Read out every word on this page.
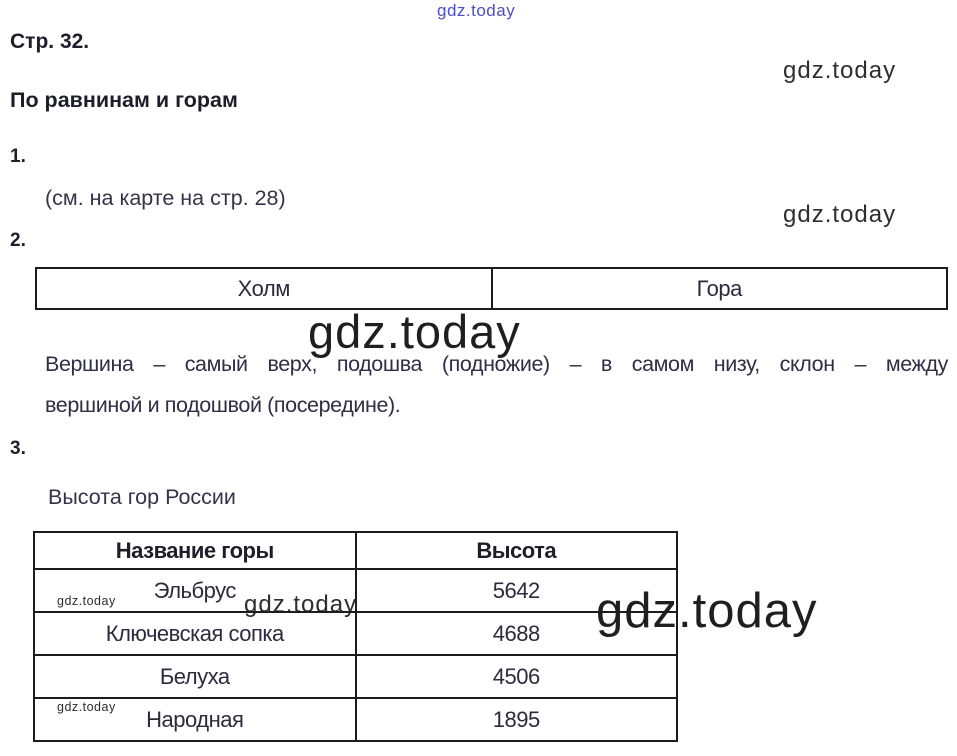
gdz.today
gdz.today
gdz.today
gdz.today
gdz.today	gdz.today	gdz.today
gdz.today
Стр. 32.
По равнинам и горам
1.
(см. на карте на стр. 28)
2.
Холм	Гора
Вершина – самый верх, подошва (подножие) – в самом низу, склон – между
вершиной и подошвой (посередине).
3.
Высота гор России
Название горы	Высота
Эльбрус	5642
Ключевская сопка	4688
Белуха	4506
Народная	1895
